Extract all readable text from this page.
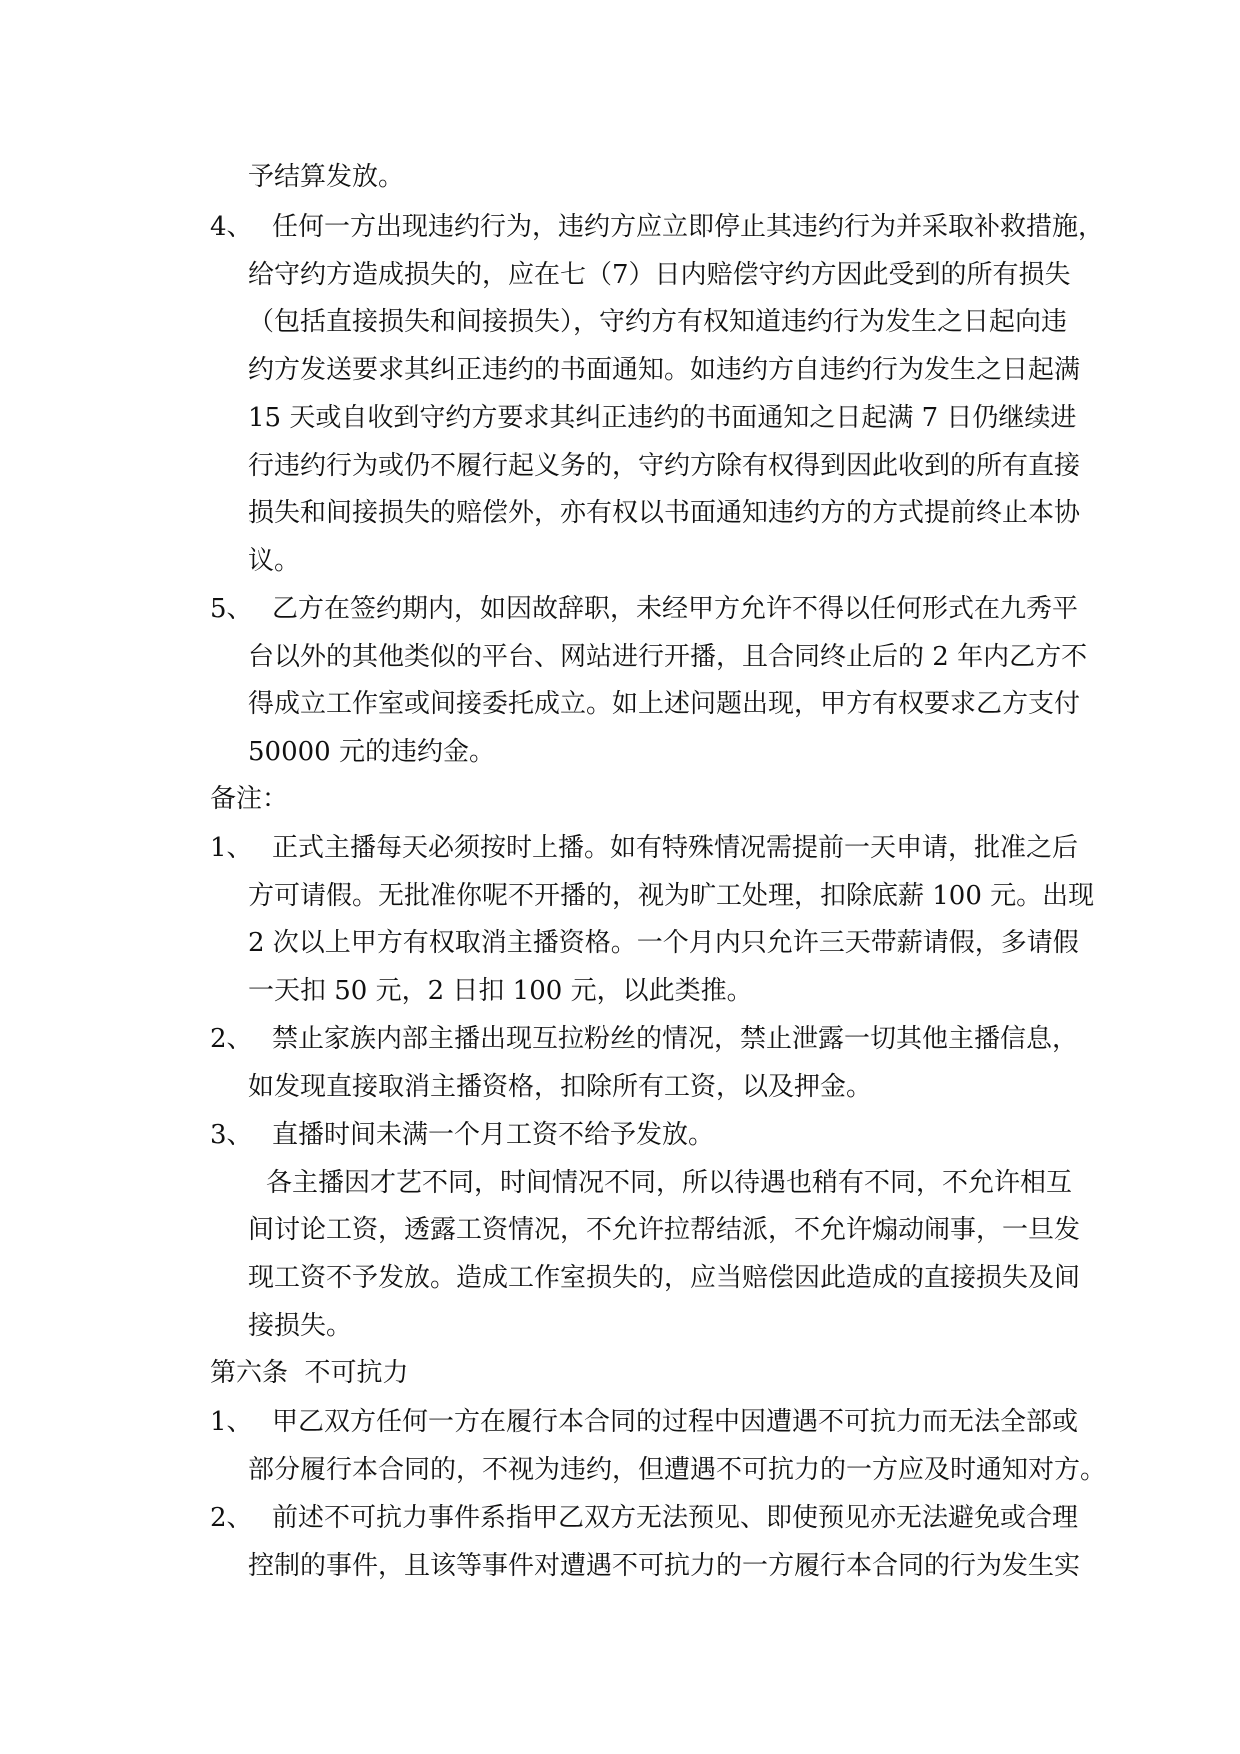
予结算发放。
4、 任何一方出现违约行为，违约方应立即停止其违约行为并采取补救措施，
给守约方造成损失的，应在七（7）日内赔偿守约方因此受到的所有损失
（包括直接损失和间接损失），守约方有权知道违约行为发生之日起向违
约方发送要求其纠正违约的书面通知。如违约方自违约行为发生之日起满
15 天或自收到守约方要求其纠正违约的书面通知之日起满 7 日仍继续进
行违约行为或仍不履行起义务的，守约方除有权得到因此收到的所有直接
损失和间接损失的赔偿外，亦有权以书面通知违约方的方式提前终止本协
议。
5、 乙方在签约期内，如因故辞职，未经甲方允许不得以任何形式在九秀平
台以外的其他类似的平台、网站进行开播，且合同终止后的 2 年内乙方不
得成立工作室或间接委托成立。如上述问题出现，甲方有权要求乙方支付
50000 元的违约金。
备注：
1、 正式主播每天必须按时上播。如有特殊情况需提前一天申请，批准之后
方可请假。无批准你呢不开播的，视为旷工处理，扣除底薪 100 元。出现
2 次以上甲方有权取消主播资格。一个月内只允许三天带薪请假，多请假
一天扣 50 元，2 日扣 100 元，以此类推。
2、 禁止家族内部主播出现互拉粉丝的情况，禁止泄露一切其他主播信息，
如发现直接取消主播资格，扣除所有工资，以及押金。
3、 直播时间未满一个月工资不给予发放。
各主播因才艺不同，时间情况不同，所以待遇也稍有不同，不允许相互
间讨论工资，透露工资情况，不允许拉帮结派，不允许煽动闹事，一旦发
现工资不予发放。造成工作室损失的，应当赔偿因此造成的直接损失及间
接损失。
第六条  不可抗力
1、 甲乙双方任何一方在履行本合同的过程中因遭遇不可抗力而无法全部或
部分履行本合同的，不视为违约，但遭遇不可抗力的一方应及时通知对方。
2、 前述不可抗力事件系指甲乙双方无法预见、即使预见亦无法避免或合理
控制的事件，且该等事件对遭遇不可抗力的一方履行本合同的行为发生实
